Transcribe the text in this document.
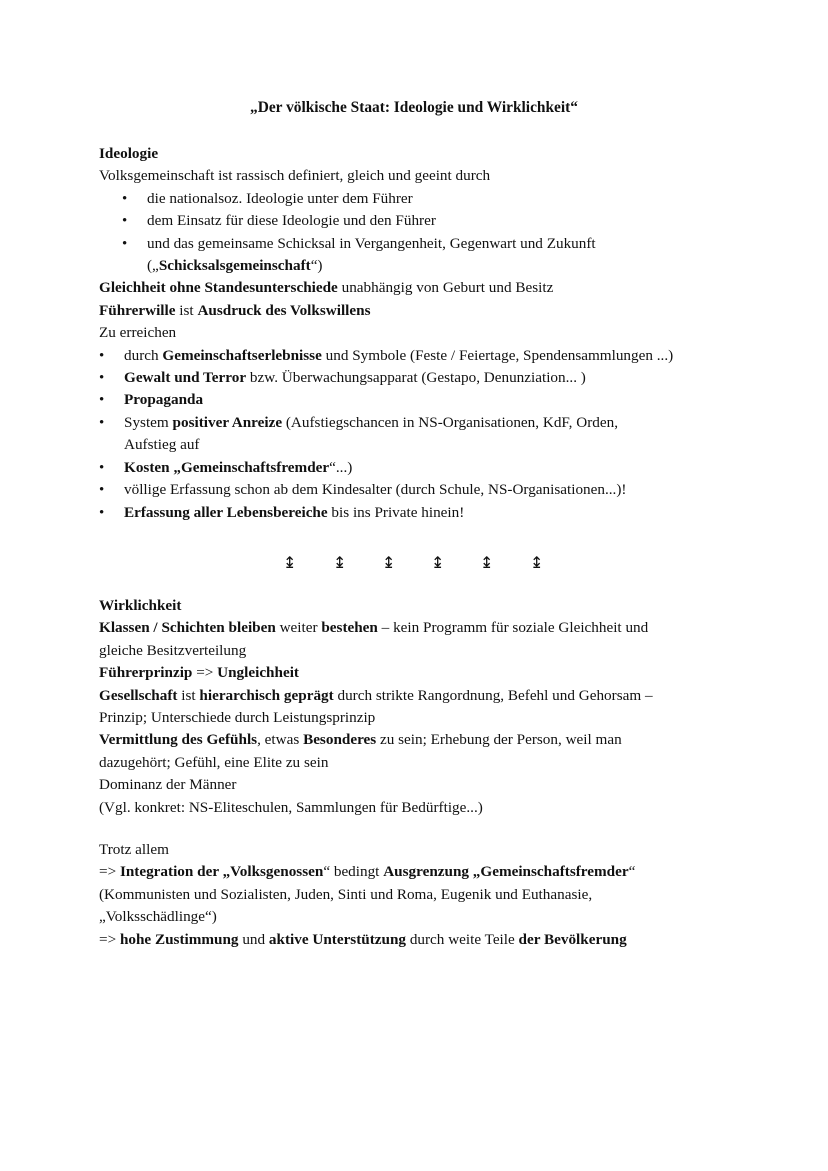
„Der völkische Staat: Ideologie und Wirklichkeit“
Ideologie
Volksgemeinschaft ist rassisch definiert, gleich und geeint durch
• die nationalsoz. Ideologie unter dem Führer
• dem Einsatz für diese Ideologie und den Führer
• und das gemeinsame Schicksal in Vergangenheit, Gegenwart und Zukunft
(„Schicksalsgemeinschaft“)
Gleichheit ohne Standesunterschiede unabhängig von Geburt und Besitz
Führerwille ist Ausdruck des Volkswillens
Zu erreichen
• durch Gemeinschaftserlebnisse und Symbole (Feste / Feiertage, Spendensammlungen ...)
• Gewalt und Terror bzw. Überwachungsapparat (Gestapo, Denunziation... )
• Propaganda
• System positiver Anreize (Aufstiegschancen in NS-Organisationen, KdF, Orden,
Aufstieg auf
• Kosten „Gemeinschaftsfremder“...)
• völlige Erfassung schon ab dem Kindesalter (durch Schule, NS-Organisationen...)!
• Erfassung aller Lebensbereiche bis ins Private hinein!
↨ ↨ ↨ ↨ ↨ ↨
Wirklichkeit
Klassen / Schichten bleiben weiter bestehen – kein Programm für soziale Gleichheit und
gleiche Besitzverteilung
Führerprinzip => Ungleichheit
Gesellschaft ist hierarchisch geprägt durch strikte Rangordnung, Befehl und Gehorsam –
Prinzip; Unterschiede durch Leistungsprinzip
Vermittlung des Gefühls, etwas Besonderes zu sein; Erhebung der Person, weil man
dazugehört; Gefühl, eine Elite zu sein
Dominanz der Männer
(Vgl. konkret: NS-Eliteschulen, Sammlungen für Bedürftige...)
Trotz allem
=> Integration der „Volksgenossen“ bedingt Ausgrenzung „Gemeinschaftsfremder“
(Kommunisten und Sozialisten, Juden, Sinti und Roma, Eugenik und Euthanasie,
„Volksschädlinge“)
=> hohe Zustimmung und aktive Unterstützung durch weite Teile der Bevölkerung
